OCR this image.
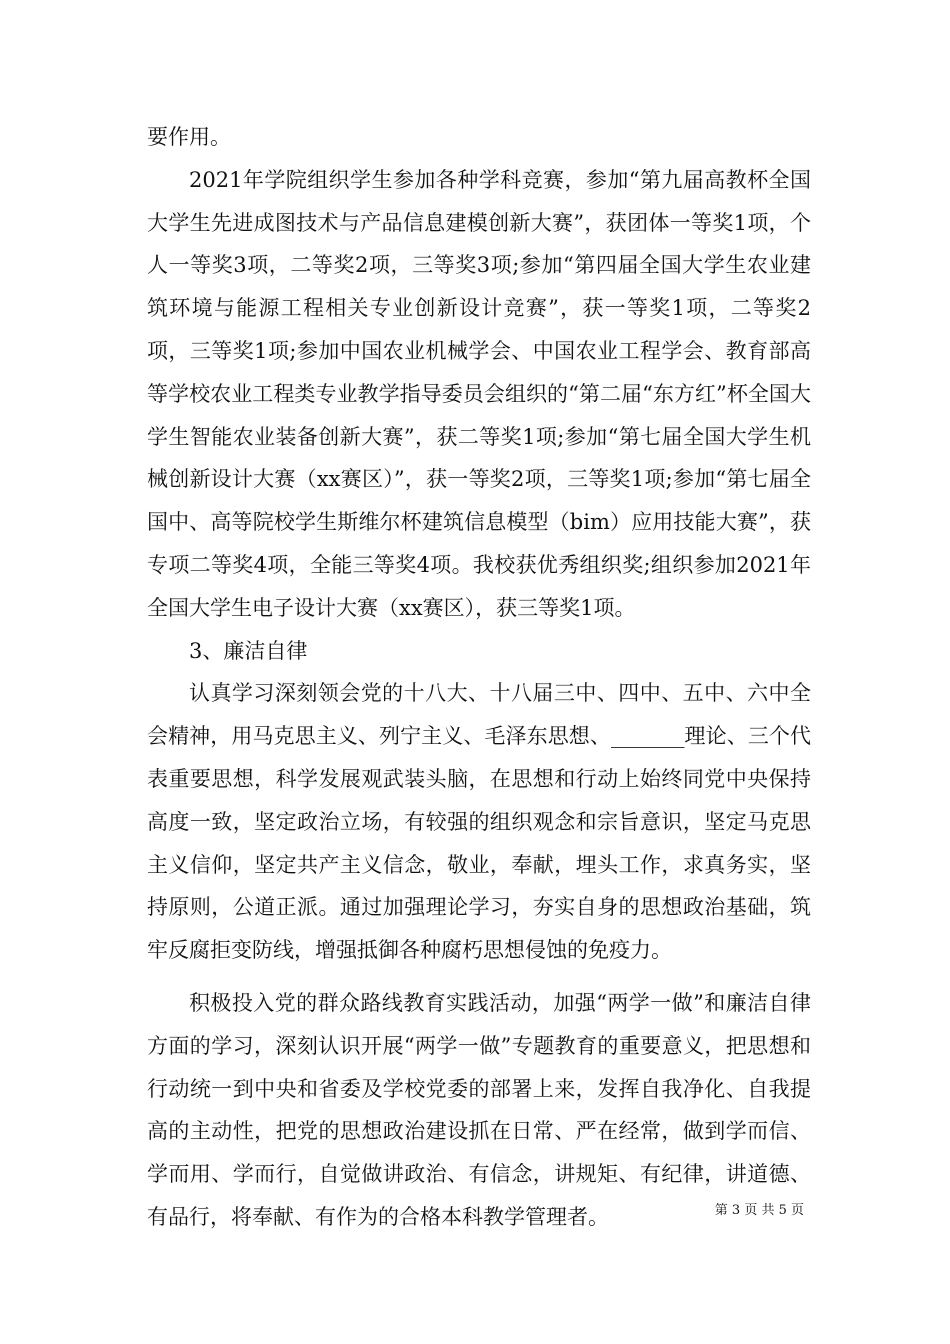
要作用。

2021年学院组织学生参加各种学科竞赛，参加“第九届高教杯全国大学生先进成图技术与产品信息建模创新大赛”，获团体一等奖1项，个人一等奖3项，二等奖2项，三等奖3项;参加“第四届全国大学生农业建筑环境与能源工程相关专业创新设计竞赛”，获一等奖1项，二等奖2项，三等奖1项;参加中国农业机械学会、中国农业工程学会、教育部高等学校农业工程类专业教学指导委员会组织的“第二届“东方红”杯全国大学生智能农业装备创新大赛”，获二等奖1项;参加“第七届全国大学生机械创新设计大赛（xx赛区）”，获一等奖2项，三等奖1项;参加“第七届全国中、高等院校学生斯维尔杯建筑信息模型（bim）应用技能大赛”，获专项二等奖4项，全能三等奖4项。我校获优秀组织奖;组织参加2021年全国大学生电子设计大赛（xx赛区），获三等奖1项。

3、廉洁自律

认真学习深刻领会党的十八大、十八届三中、四中、五中、六中全会精神，用马克思主义、列宁主义、毛泽东思想、_______理论、三个代表重要思想，科学发展观武装头脑，在思想和行动上始终同党中央保持高度一致，坚定政治立场，有较强的组织观念和宗旨意识，坚定马克思主义信仰，坚定共产主义信念，敬业，奉献，埋头工作，求真务实，坚持原则，公道正派。通过加强理论学习，夯实自身的思想政治基础，筑牢反腐拒变防线，增强抵御各种腐朽思想侵蚀的免疫力。

积极投入党的群众路线教育实践活动，加强“两学一做”和廉洁自律方面的学习，深刻认识开展“两学一做”专题教育的重要意义，把思想和行动统一到中央和省委及学校党委的部署上来，发挥自我净化、自我提高的主动性，把党的思想政治建设抓在日常、严在经常，做到学而信、学而用、学而行，自觉做讲政治、有信念，讲规矩、有纪律，讲道德、有品行，将奉献、有作为的合格本科教学管理者。	第 3 页 共 5 页
